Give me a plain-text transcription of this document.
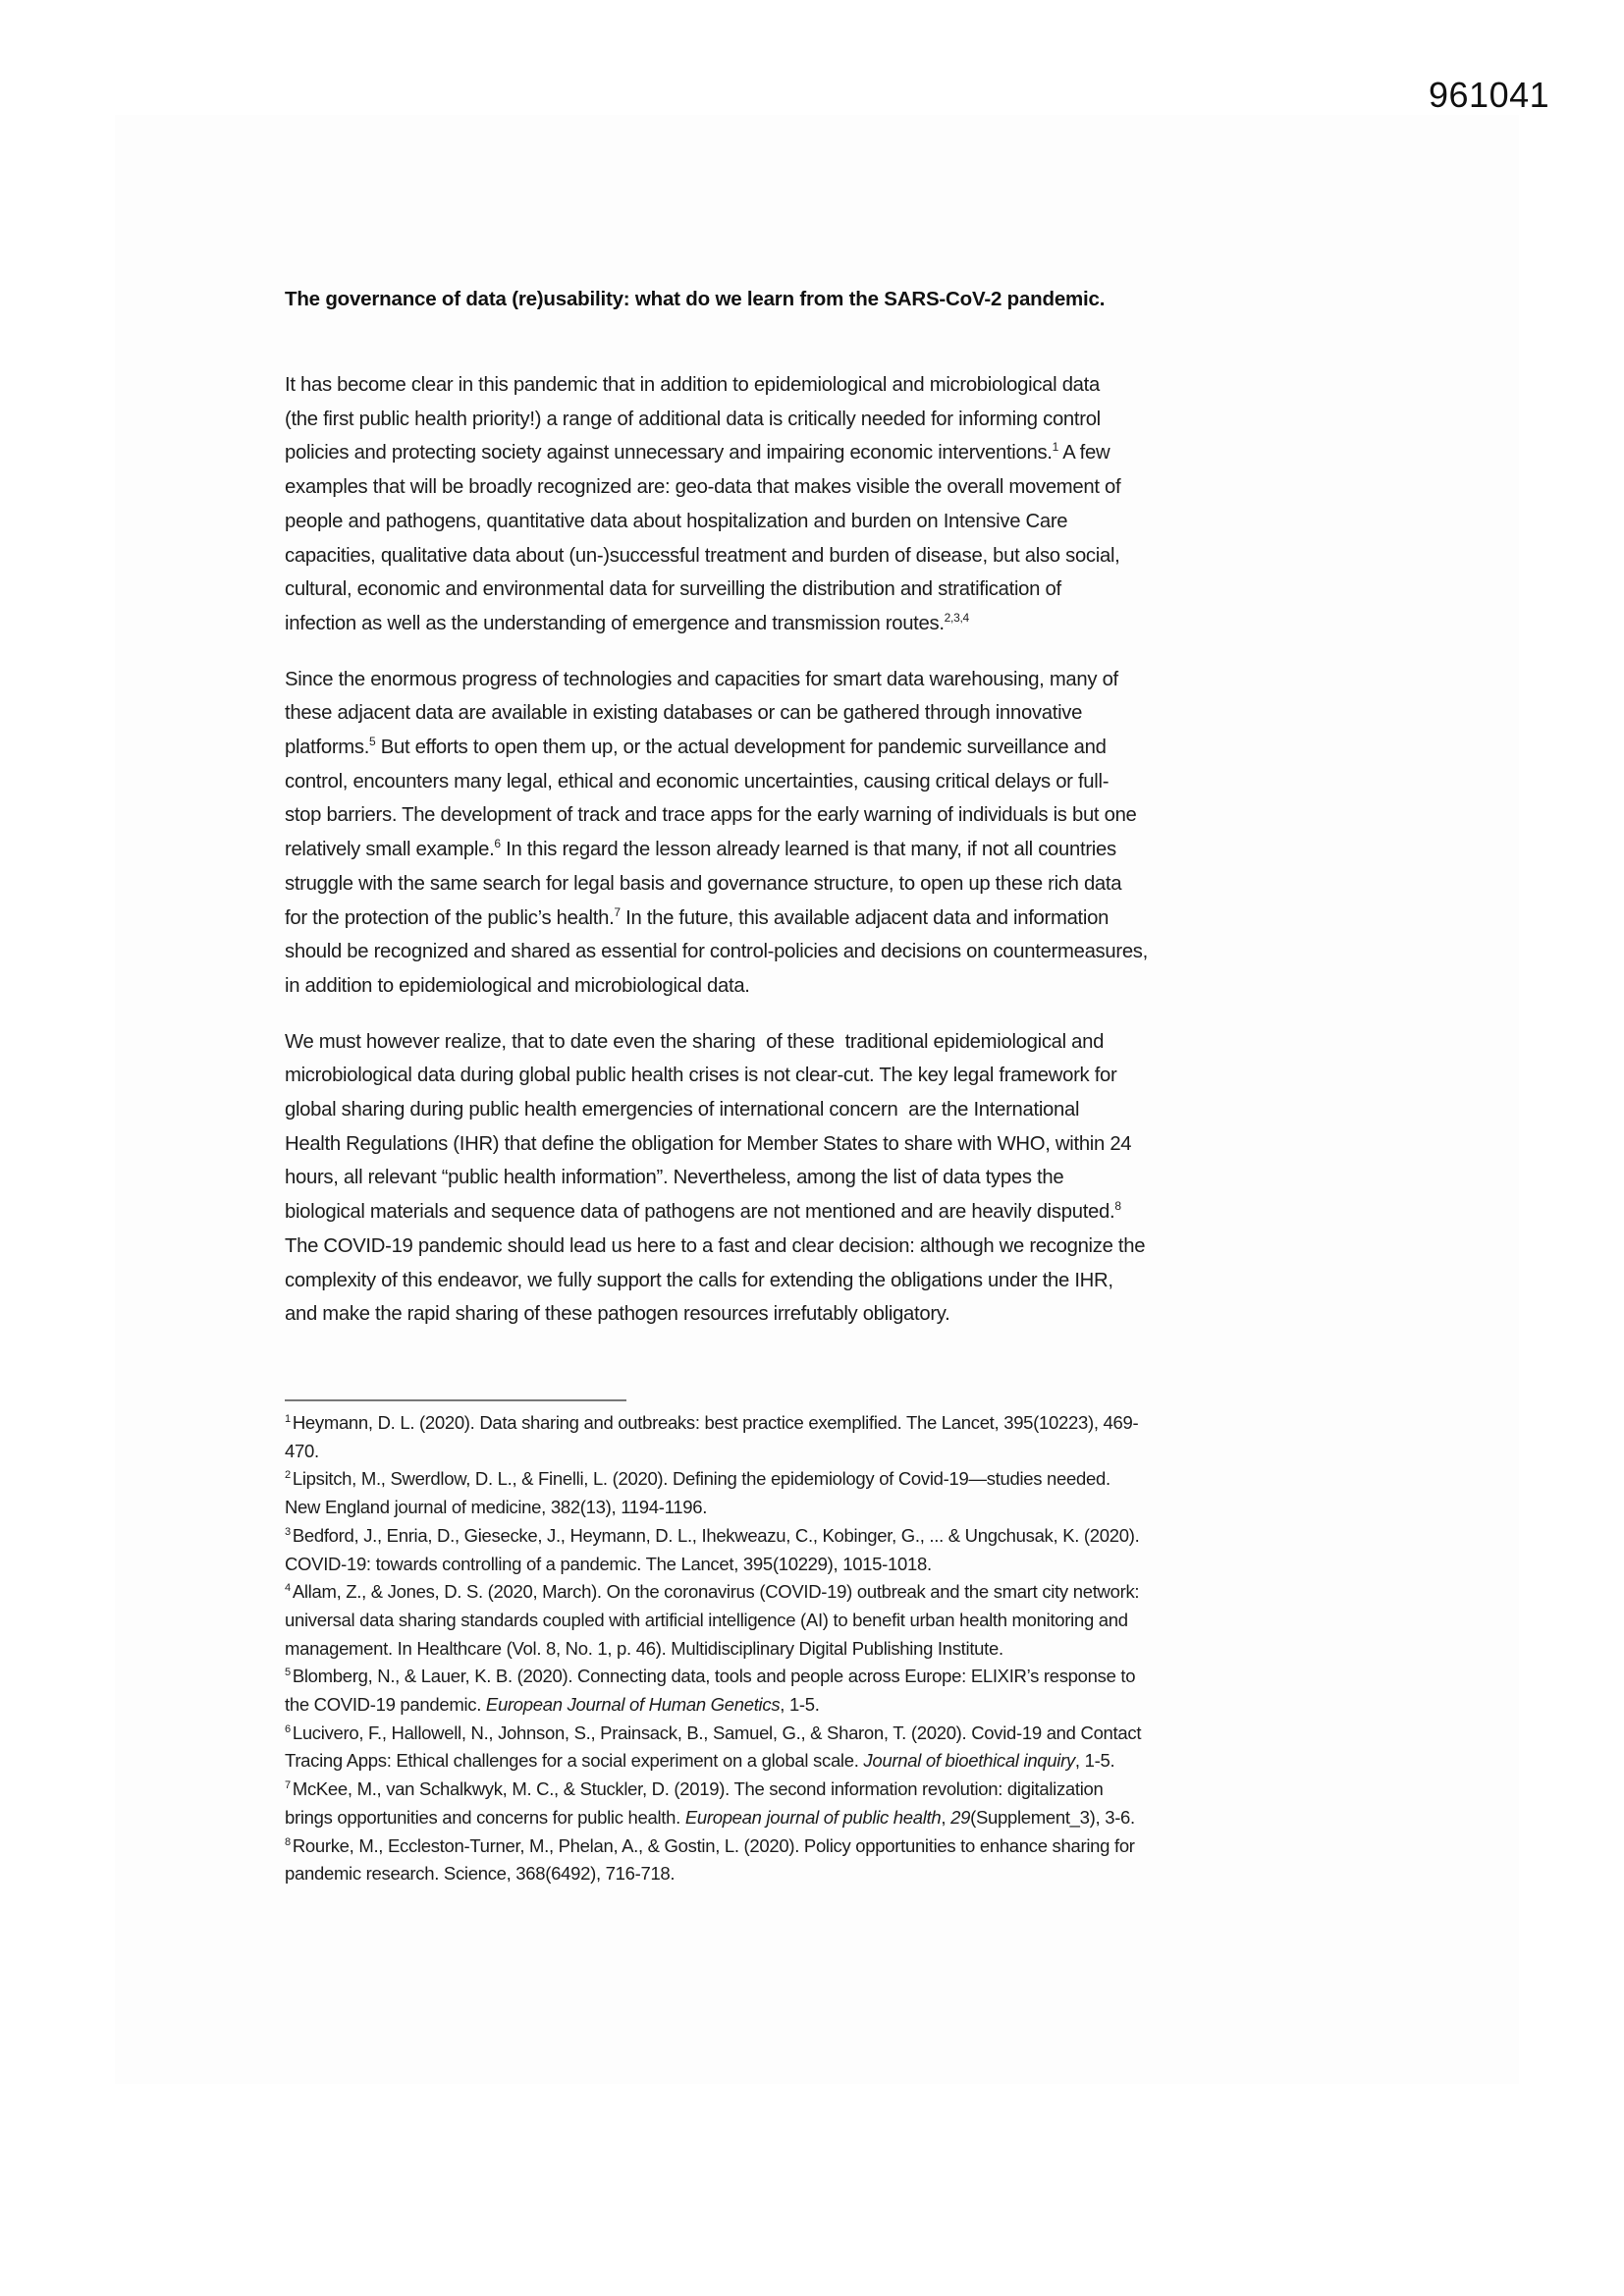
961041
The governance of data (re)usability: what do we learn from the SARS-CoV-2 pandemic.
It has become clear in this pandemic that in addition to epidemiological and microbiological data
(the first public health priority!) a range of additional data is critically needed for informing control
policies and protecting society against unnecessary and impairing economic interventions.$^1$ A few
examples that will be broadly recognized are: geo-data that makes visible the overall movement of
people and pathogens, quantitative data about hospitalization and burden on Intensive Care
capacities, qualitative data about (un-)successful treatment and burden of disease, but also social,
cultural, economic and environmental data for surveilling the distribution and stratification of
infection as well as the understanding of emergence and transmission routes.$^{2,3,4}$
Since the enormous progress of technologies and capacities for smart data warehousing, many of
these adjacent data are available in existing databases or can be gathered through innovative
platforms.$^5$ But efforts to open them up, or the actual development for pandemic surveillance and
control, encounters many legal, ethical and economic uncertainties, causing critical delays or full-
stop barriers. The development of track and trace apps for the early warning of individuals is but one
relatively small example.$^6$ In this regard the lesson already learned is that many, if not all countries
struggle with the same search for legal basis and governance structure, to open up these rich data
for the protection of the public’s health.$^7$ In the future, this available adjacent data and information
should be recognized and shared as essential for control-policies and decisions on countermeasures,
in addition to epidemiological and microbiological data.
We must however realize, that to date even the sharing  of these  traditional epidemiological and
microbiological data during global public health crises is not clear-cut. The key legal framework for
global sharing during public health emergencies of international concern  are the International
Health Regulations (IHR) that define the obligation for Member States to share with WHO, within 24
hours, all relevant “public health information”. Nevertheless, among the list of data types the
biological materials and sequence data of pathogens are not mentioned and are heavily disputed.$^8$
The COVID-19 pandemic should lead us here to a fast and clear decision: although we recognize the
complexity of this endeavor, we fully support the calls for extending the obligations under the IHR,
and make the rapid sharing of these pathogen resources irrefutably obligatory.
$^1$ Heymann, D. L. (2020). Data sharing and outbreaks: best practice exemplified. The Lancet, 395(10223), 469-
470.
$^2$ Lipsitch, M., Swerdlow, D. L., & Finelli, L. (2020). Defining the epidemiology of Covid-19—studies needed.
New England journal of medicine, 382(13), 1194-1196.
$^3$ Bedford, J., Enria, D., Giesecke, J., Heymann, D. L., Ihekweazu, C., Kobinger, G., ... & Ungchusak, K. (2020).
COVID-19: towards controlling of a pandemic. The Lancet, 395(10229), 1015-1018.
$^4$ Allam, Z., & Jones, D. S. (2020, March). On the coronavirus (COVID-19) outbreak and the smart city network:
universal data sharing standards coupled with artificial intelligence (AI) to benefit urban health monitoring and
management. In Healthcare (Vol. 8, No. 1, p. 46). Multidisciplinary Digital Publishing Institute.
$^5$ Blomberg, N., & Lauer, K. B. (2020). Connecting data, tools and people across Europe: ELIXIR’s response to
the COVID-19 pandemic. European Journal of Human Genetics, 1-5.
$^6$ Lucivero, F., Hallowell, N., Johnson, S., Prainsack, B., Samuel, G., & Sharon, T. (2020). Covid-19 and Contact
Tracing Apps: Ethical challenges for a social experiment on a global scale. Journal of bioethical inquiry, 1-5.
$^7$ McKee, M., van Schalkwyk, M. C., & Stuckler, D. (2019). The second information revolution: digitalization
brings opportunities and concerns for public health. European journal of public health, 29(Supplement_3), 3-6.
$^8$ Rourke, M., Eccleston-Turner, M., Phelan, A., & Gostin, L. (2020). Policy opportunities to enhance sharing for
pandemic research. Science, 368(6492), 716-718.
